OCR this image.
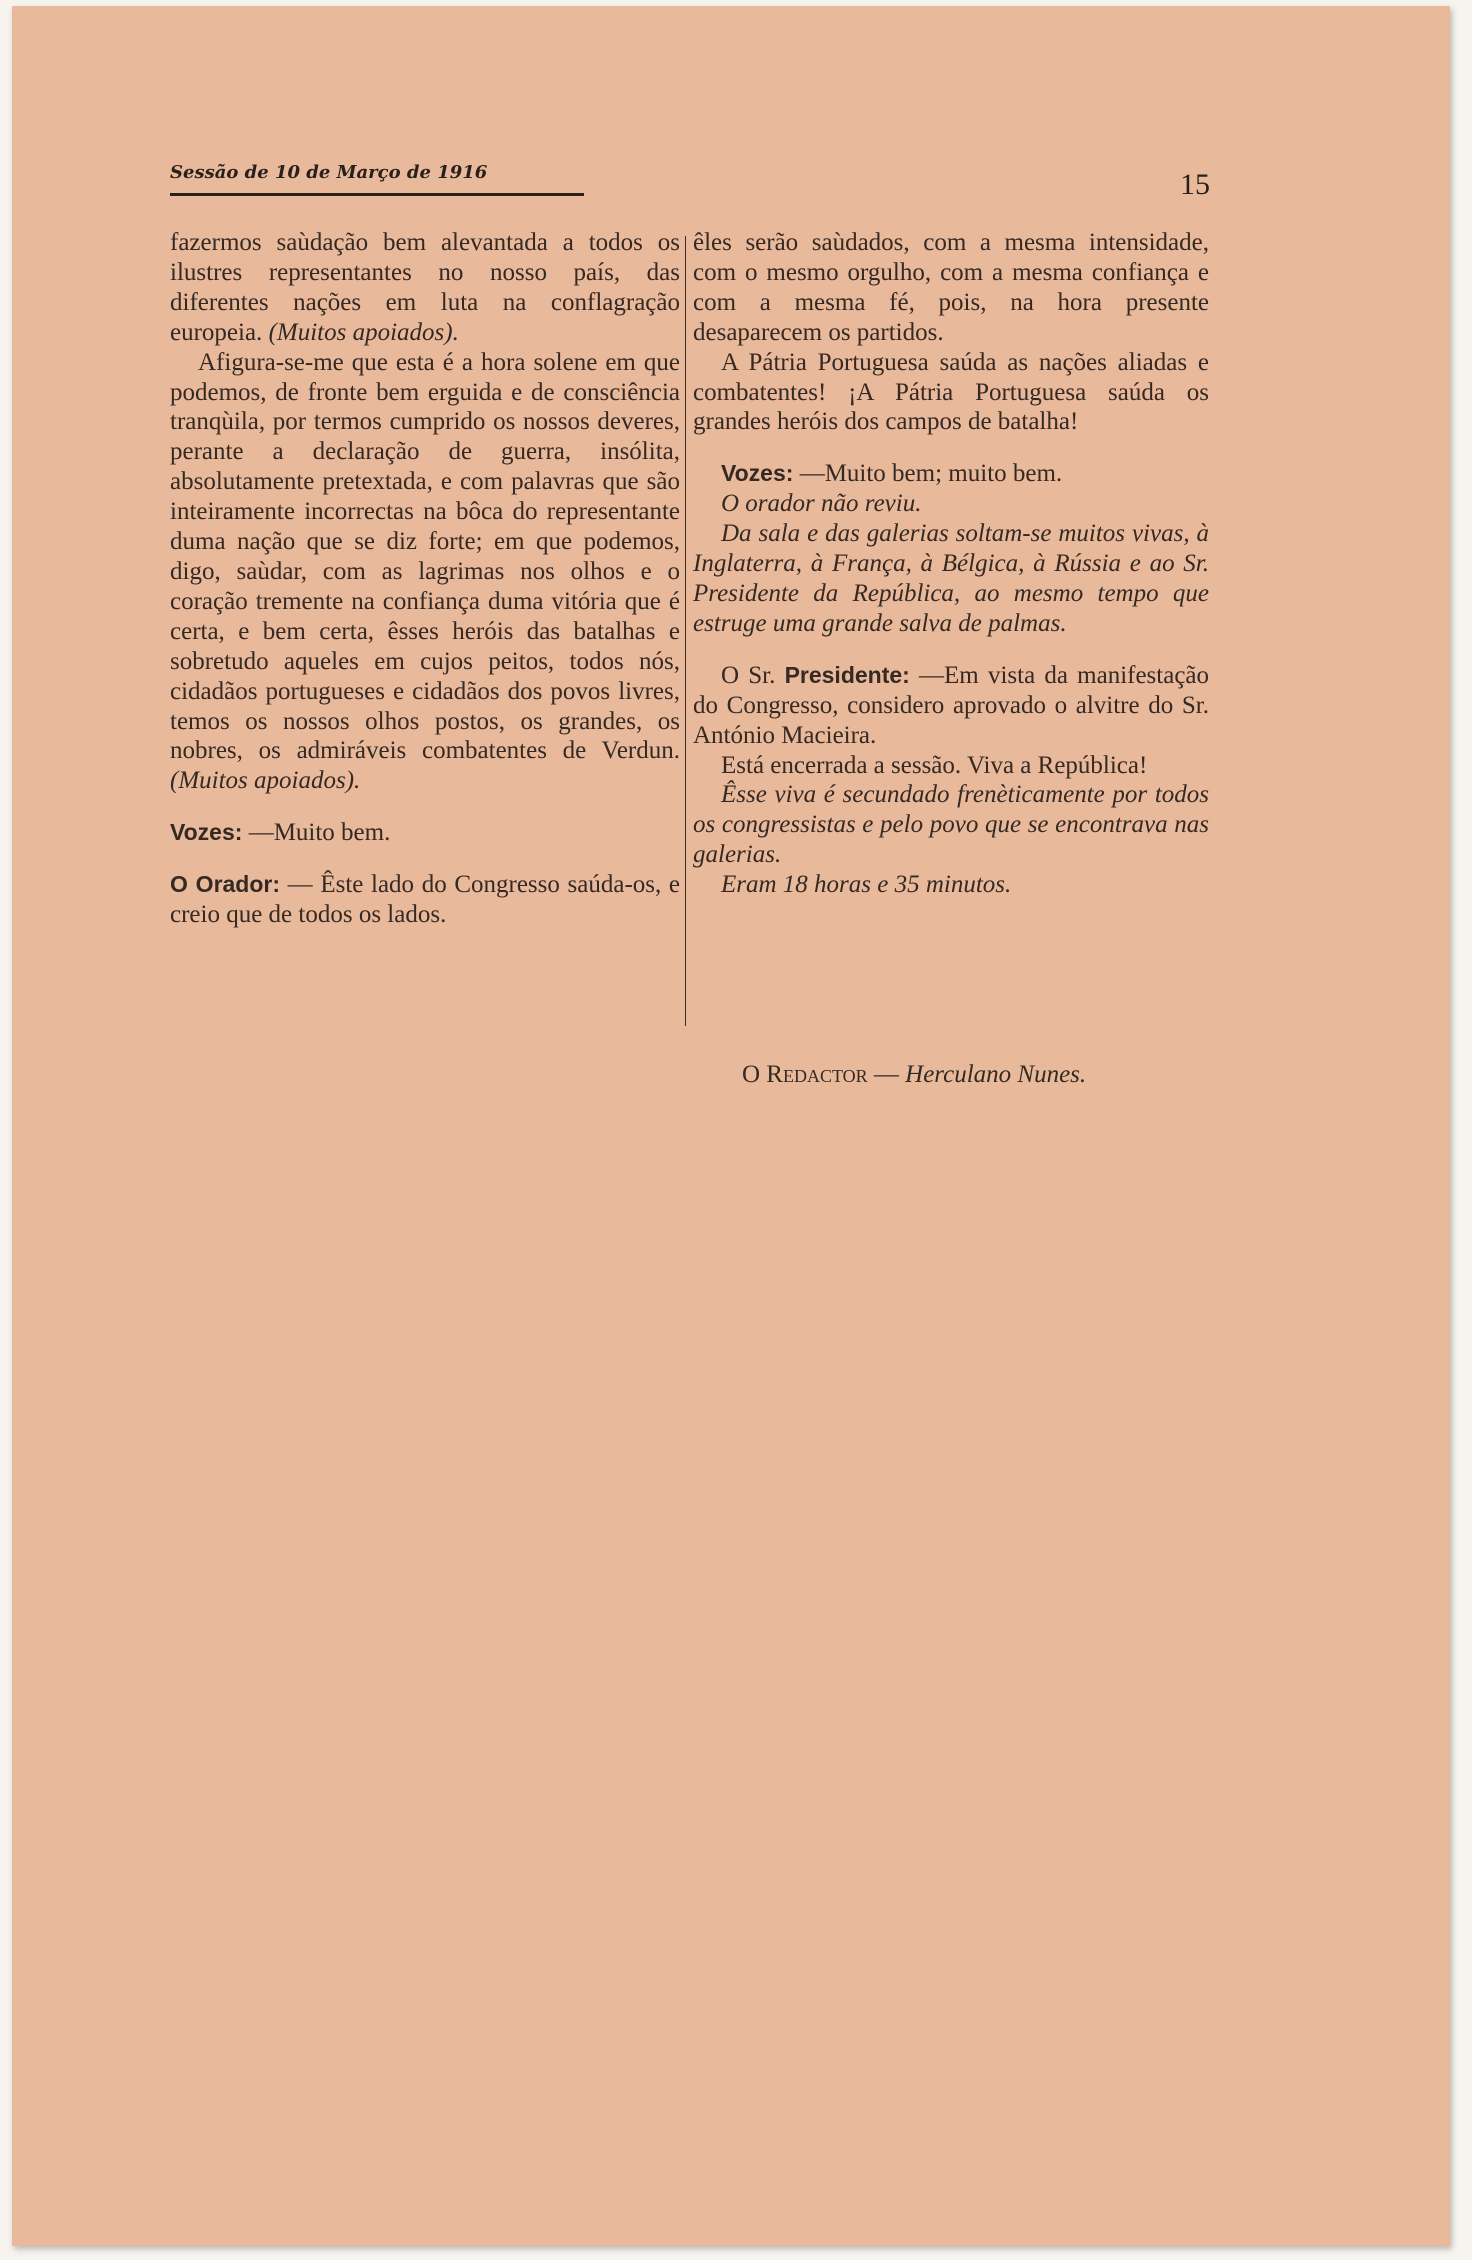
Sessão de 10 de Março de 1916	15

fazermos saùdação bem alevantada a todos os ilustres representantes no nosso país, das diferentes nações em luta na conflagração europeia. (Muitos apoiados).

Afigura-se-me que esta é a hora solene em que podemos, de fronte bem erguida e de consciência tranqùila, por termos cumprido os nossos deveres, perante a declaração de guerra, insólita, absolutamente pretextada, e com palavras que são inteiramente incorrectas na bôca do representante duma nação que se diz forte; em que podemos, digo, saùdar, com as lagrimas nos olhos e o coração tremente na confiança duma vitória que é certa, e bem certa, êsses heróis das batalhas e sobretudo aqueles em cujos peitos, todos nós, cidadãos portugueses e cidadãos dos povos livres, temos os nossos olhos postos, os grandes, os nobres, os admiráveis combatentes de Verdun. (Muitos apoiados).

Vozes: —Muito bem.

O Orador: — Êste lado do Congresso saúda-os, e creio que de todos os lados.

êles serão saùdados, com a mesma intensidade, com o mesmo orgulho, com a mesma confiança e com a mesma fé, pois, na hora presente desaparecem os partidos.

A Pátria Portuguesa saúda as nações aliadas e combatentes! ¡A Pátria Portuguesa saúda os grandes heróis dos campos de batalha!

Vozes: —Muito bem; muito bem.

O orador não reviu.

Da sala e das galerias soltam-se muitos vivas, à Inglaterra, à França, à Bélgica, à Rússia e ao Sr. Presidente da República, ao mesmo tempo que estruge uma grande salva de palmas.

O Sr. Presidente: —Em vista da manifestação do Congresso, considero aprovado o alvitre do Sr. António Macieira.

Está encerrada a sessão. Viva a República!

Êsse viva é secundado frenèticamente por todos os congressistas e pelo povo que se encontrava nas galerias.

Eram 18 horas e 35 minutos.

O Redactor — Herculano Nunes.
